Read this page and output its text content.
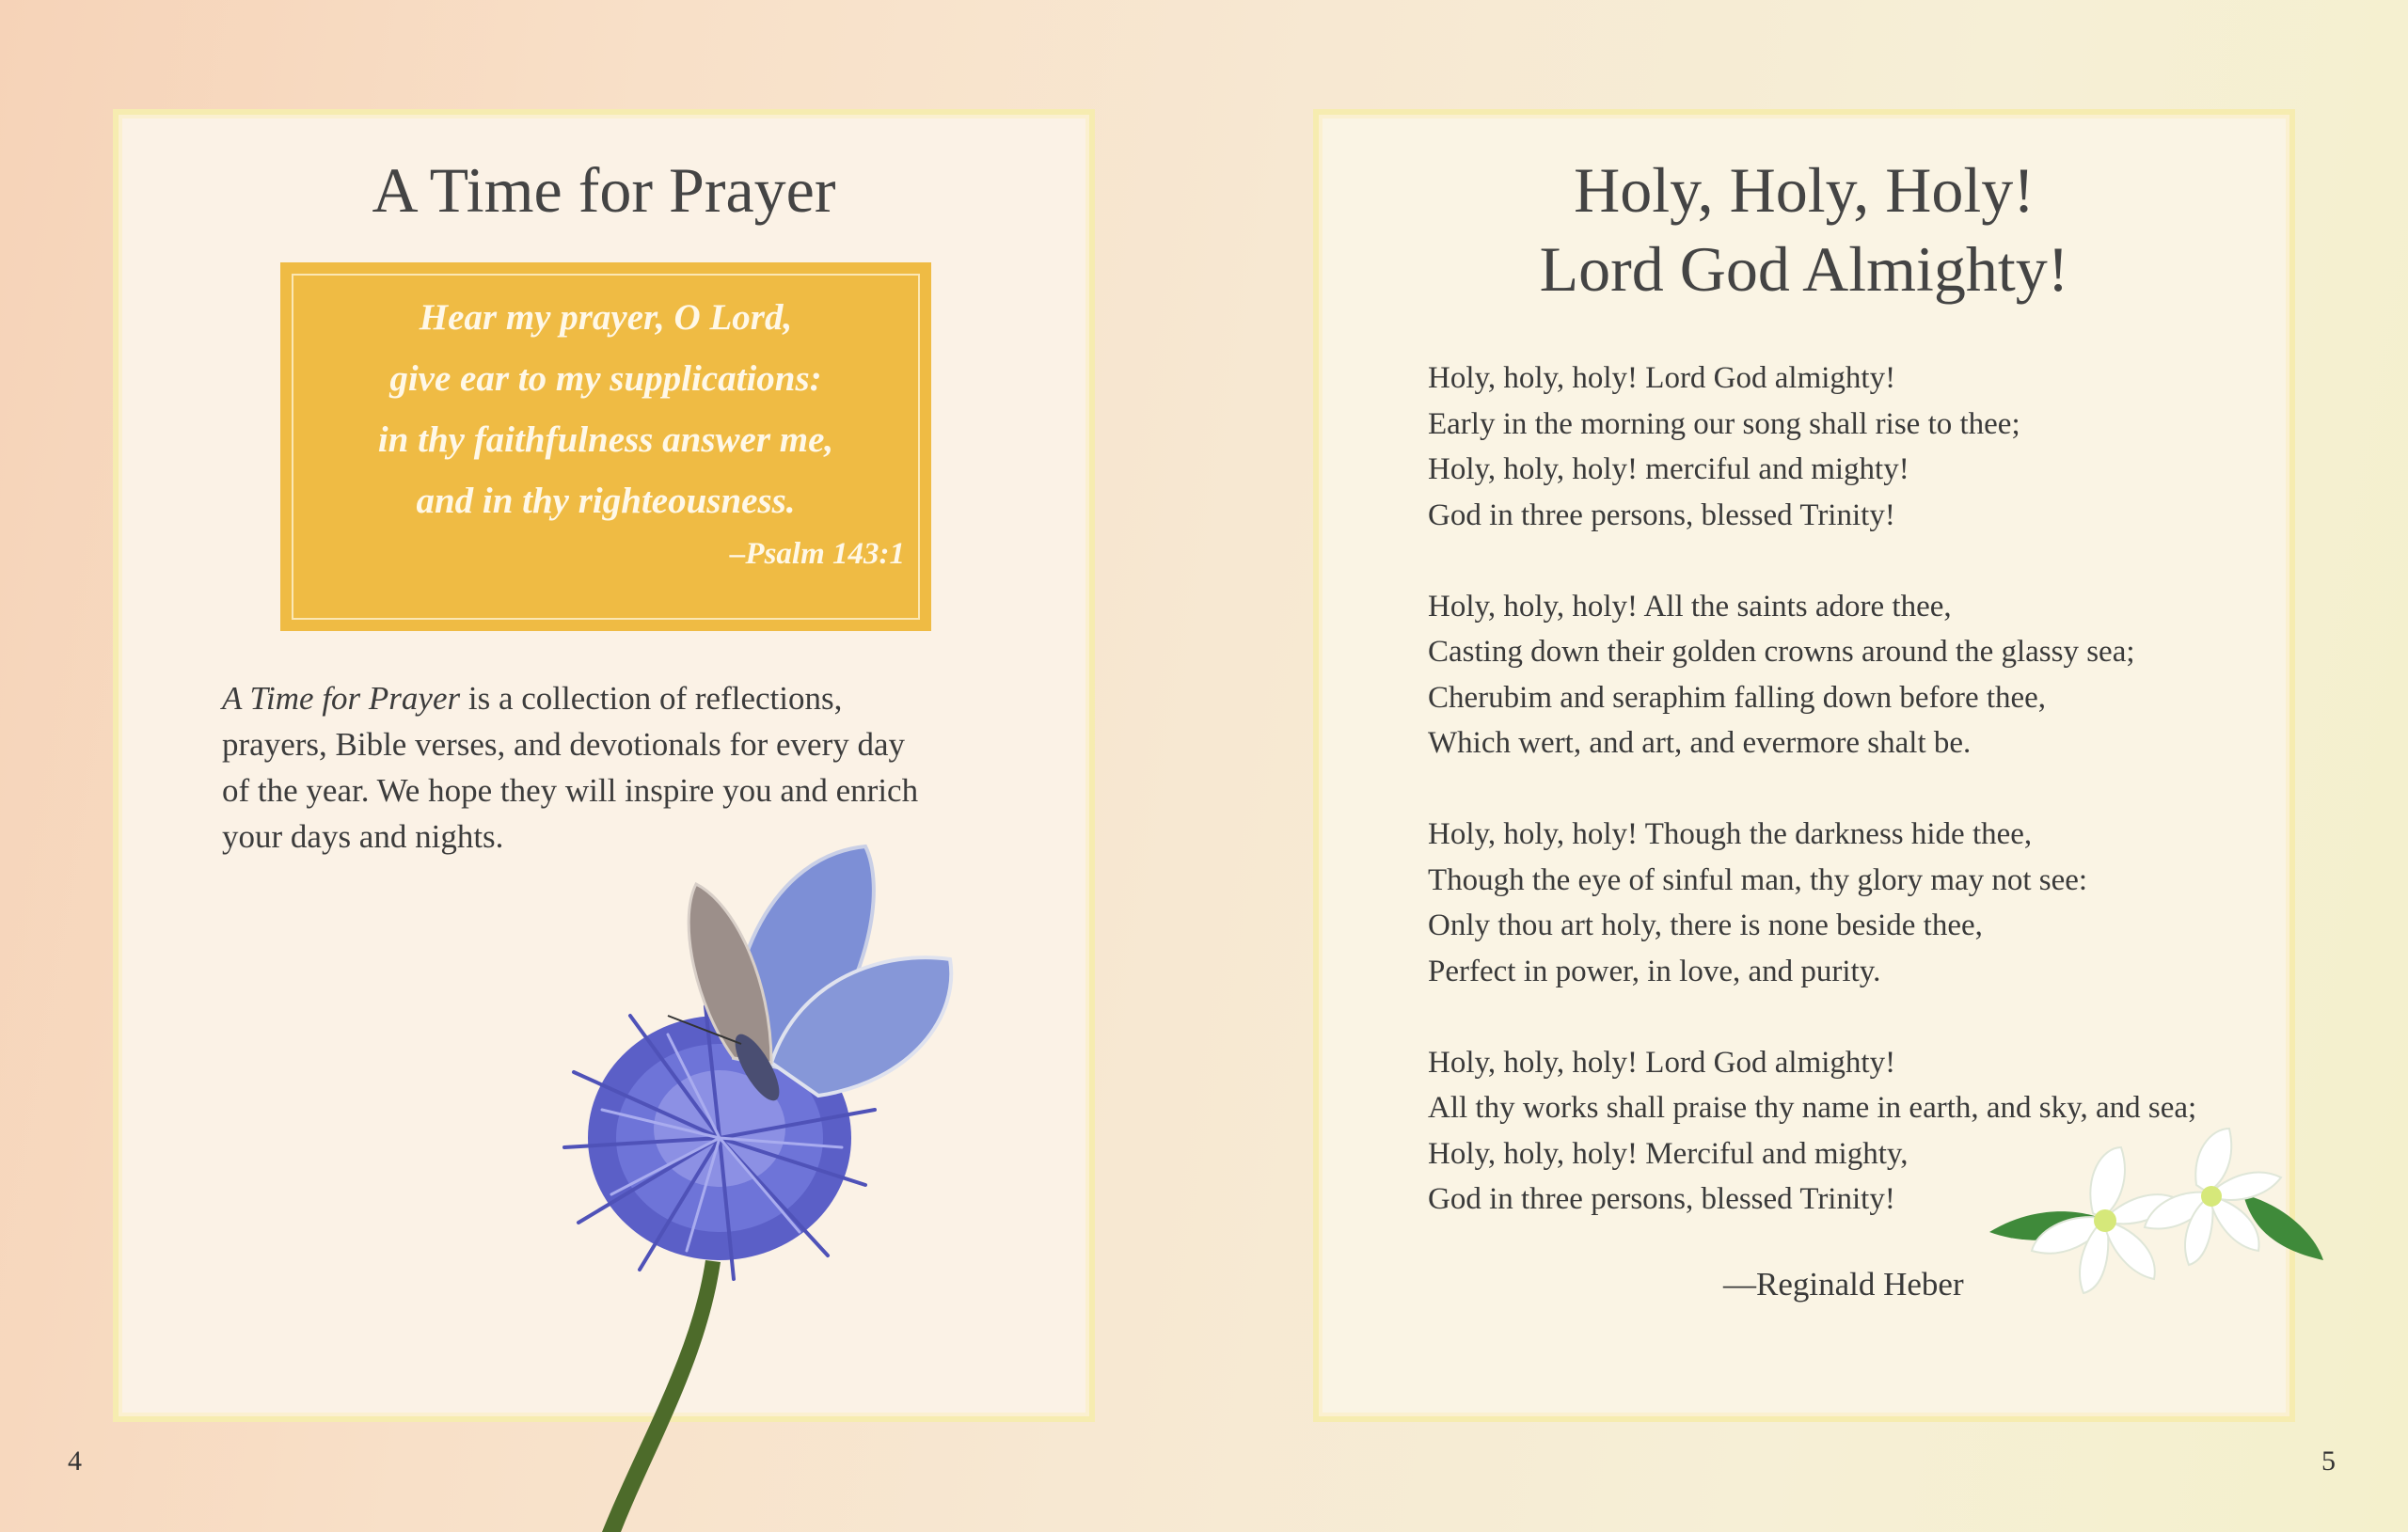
A Time for Prayer
Hear my prayer, O Lord,
give ear to my supplications:
in thy faithfulness answer me,
and in thy righteousness.
–Psalm 143:1
A Time for Prayer is a collection of reflections,
prayers, Bible verses, and devotionals for every day
of the year. We hope they will inspire you and enrich
your days and nights.
4
Holy, Holy, Holy!
Lord God Almighty!
Holy, holy, holy! Lord God almighty!
Early in the morning our song shall rise to thee;
Holy, holy, holy! merciful and mighty!
God in three persons, blessed Trinity!
Holy, holy, holy! All the saints adore thee,
Casting down their golden crowns around the glassy sea;
Cherubim and seraphim falling down before thee,
Which wert, and art, and evermore shalt be.
Holy, holy, holy! Though the darkness hide thee,
Though the eye of sinful man, thy glory may not see:
Only thou art holy, there is none beside thee,
Perfect in power, in love, and purity.
Holy, holy, holy! Lord God almighty!
All thy works shall praise thy name in earth, and sky, and sea;
Holy, holy, holy! Merciful and mighty,
God in three persons, blessed Trinity!
—Reginald Heber
5
